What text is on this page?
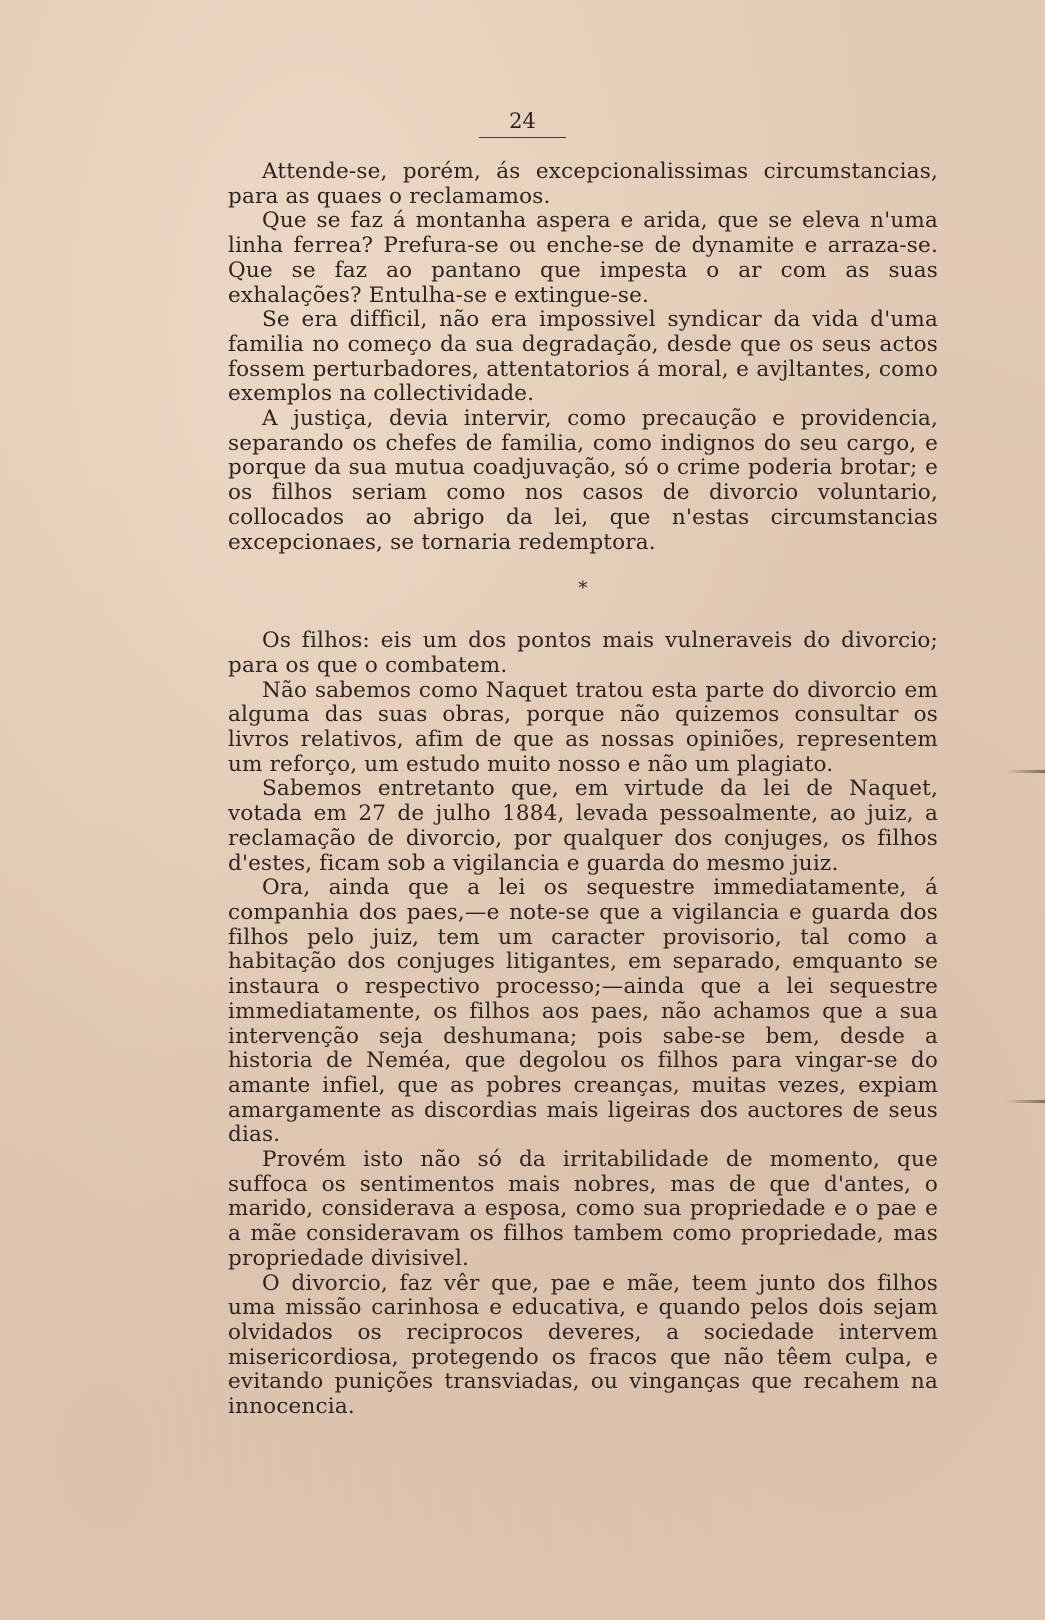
24

Attende-se, porém, ás excepcionalissimas circumstancias, para as quaes o reclamamos.

Que se faz á montanha aspera e arida, que se eleva n'uma linha ferrea? Prefura-se ou enche-se de dynamite e arraza-se. Que se faz ao pantano que impesta o ar com as suas exhalações? Entulha-se e extingue-se.

Se era difficil, não era impossivel syndicar da vida d'uma familia no começo da sua degradação, desde que os seus actos fossem perturbadores, attentatorios á moral, e avjltantes, como exemplos na collectividade.

A justiça, devia intervir, como precaução e providencia, separando os chefes de familia, como indignos do seu cargo, e porque da sua mutua coadjuvação, só o crime poderia brotar; e os filhos seriam como nos casos de divorcio voluntario, collocados ao abrigo da lei, que n'estas circumstancias excepcionaes, se tornaria redemptora.

*

Os filhos: eis um dos pontos mais vulneraveis do divorcio; para os que o combatem.

Não sabemos como Naquet tratou esta parte do divorcio em alguma das suas obras, porque não quizemos consultar os livros relativos, afim de que as nossas opiniões, representem um reforço, um estudo muito nosso e não um plagiato.

Sabemos entretanto que, em virtude da lei de Naquet, votada em 27 de julho 1884, levada pessoalmente, ao juiz, a reclamação de divorcio, por qualquer dos conjuges, os filhos d'estes, ficam sob a vigilancia e guarda do mesmo juiz.

Ora, ainda que a lei os sequestre immediatamente, á companhia dos paes,—e note-se que a vigilancia e guarda dos filhos pelo juiz, tem um caracter provisorio, tal como a habitação dos conjuges litigantes, em separado, emquanto se instaura o respectivo processo;—ainda que a lei sequestre immediatamente, os filhos aos paes, não achamos que a sua intervenção seja deshumana; pois sabe-se bem, desde a historia de Neméa, que degolou os filhos para vingar-se do amante infiel, que as pobres creanças, muitas vezes, expiam amargamente as discordias mais ligeiras dos auctores de seus dias.

Provém isto não só da irritabilidade de momento, que suffoca os sentimentos mais nobres, mas de que d'antes, o marido, considerava a esposa, como sua propriedade e o pae e a mãe consideravam os filhos tambem como propriedade, mas propriedade divisivel.

O divorcio, faz vêr que, pae e mãe, teem junto dos filhos uma missão carinhosa e educativa, e quando pelos dois sejam olvidados os reciprocos deveres, a sociedade intervem misericordiosa, protegendo os fracos que não têem culpa, e evitando punições transviadas, ou vinganças que recahem na innocencia.
